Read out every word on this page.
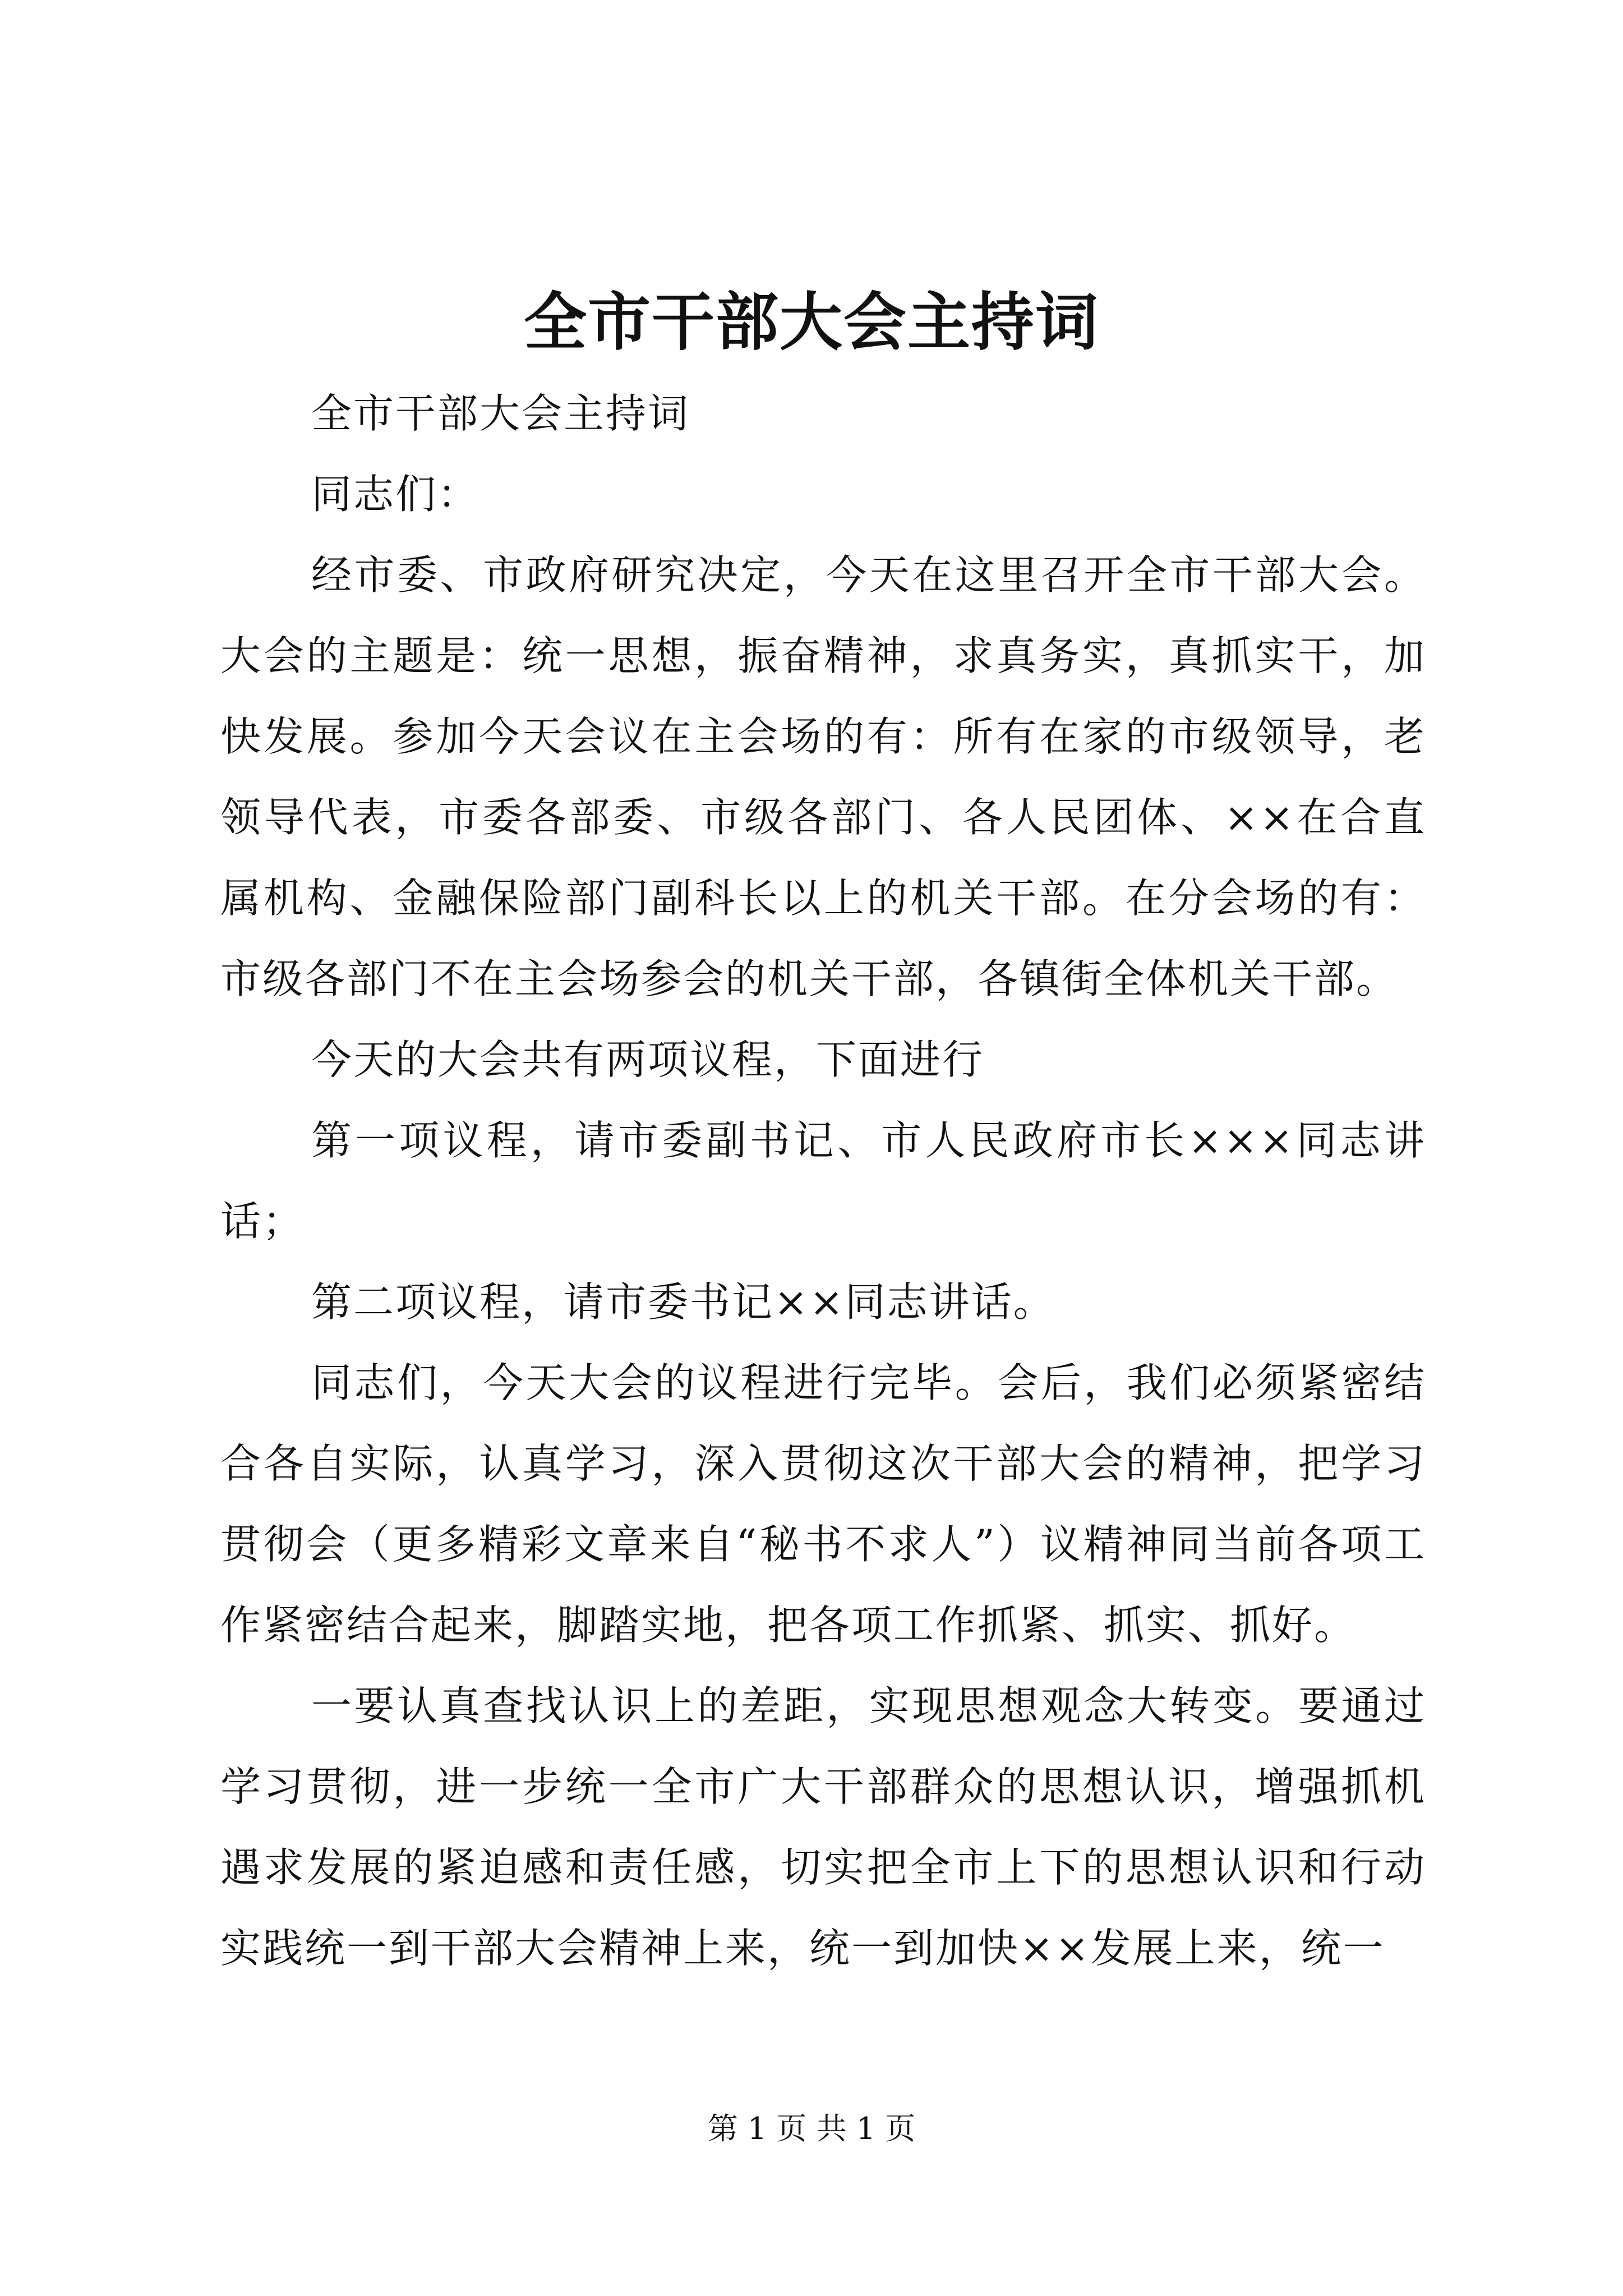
全市干部大会主持词

全市干部大会主持词

同志们：

经市委、市政府研究决定，今天在这里召开全市干部大会。大会的主题是：统一思想，振奋精神，求真务实，真抓实干，加快发展。参加今天会议在主会场的有：所有在家的市级领导，老领导代表，市委各部委、市级各部门、各人民团体、××在合直属机构、金融保险部门副科长以上的机关干部。在分会场的有：市级各部门不在主会场参会的机关干部，各镇街全体机关干部。

今天的大会共有两项议程，下面进行

第一项议程，请市委副书记、市人民政府市长×××同志讲话；

第二项议程，请市委书记××同志讲话。

同志们，今天大会的议程进行完毕。会后，我们必须紧密结合各自实际，认真学习，深入贯彻这次干部大会的精神，把学习贯彻会（更多精彩文章来自“秘书不求人”）议精神同当前各项工作紧密结合起来，脚踏实地，把各项工作抓紧、抓实、抓好。

一要认真查找认识上的差距，实现思想观念大转变。要通过学习贯彻，进一步统一全市广大干部群众的思想认识，增强抓机遇求发展的紧迫感和责任感，切实把全市上下的思想认识和行动实践统一到干部大会精神上来，统一到加快××发展上来，统一

第 1 页 共 1 页
